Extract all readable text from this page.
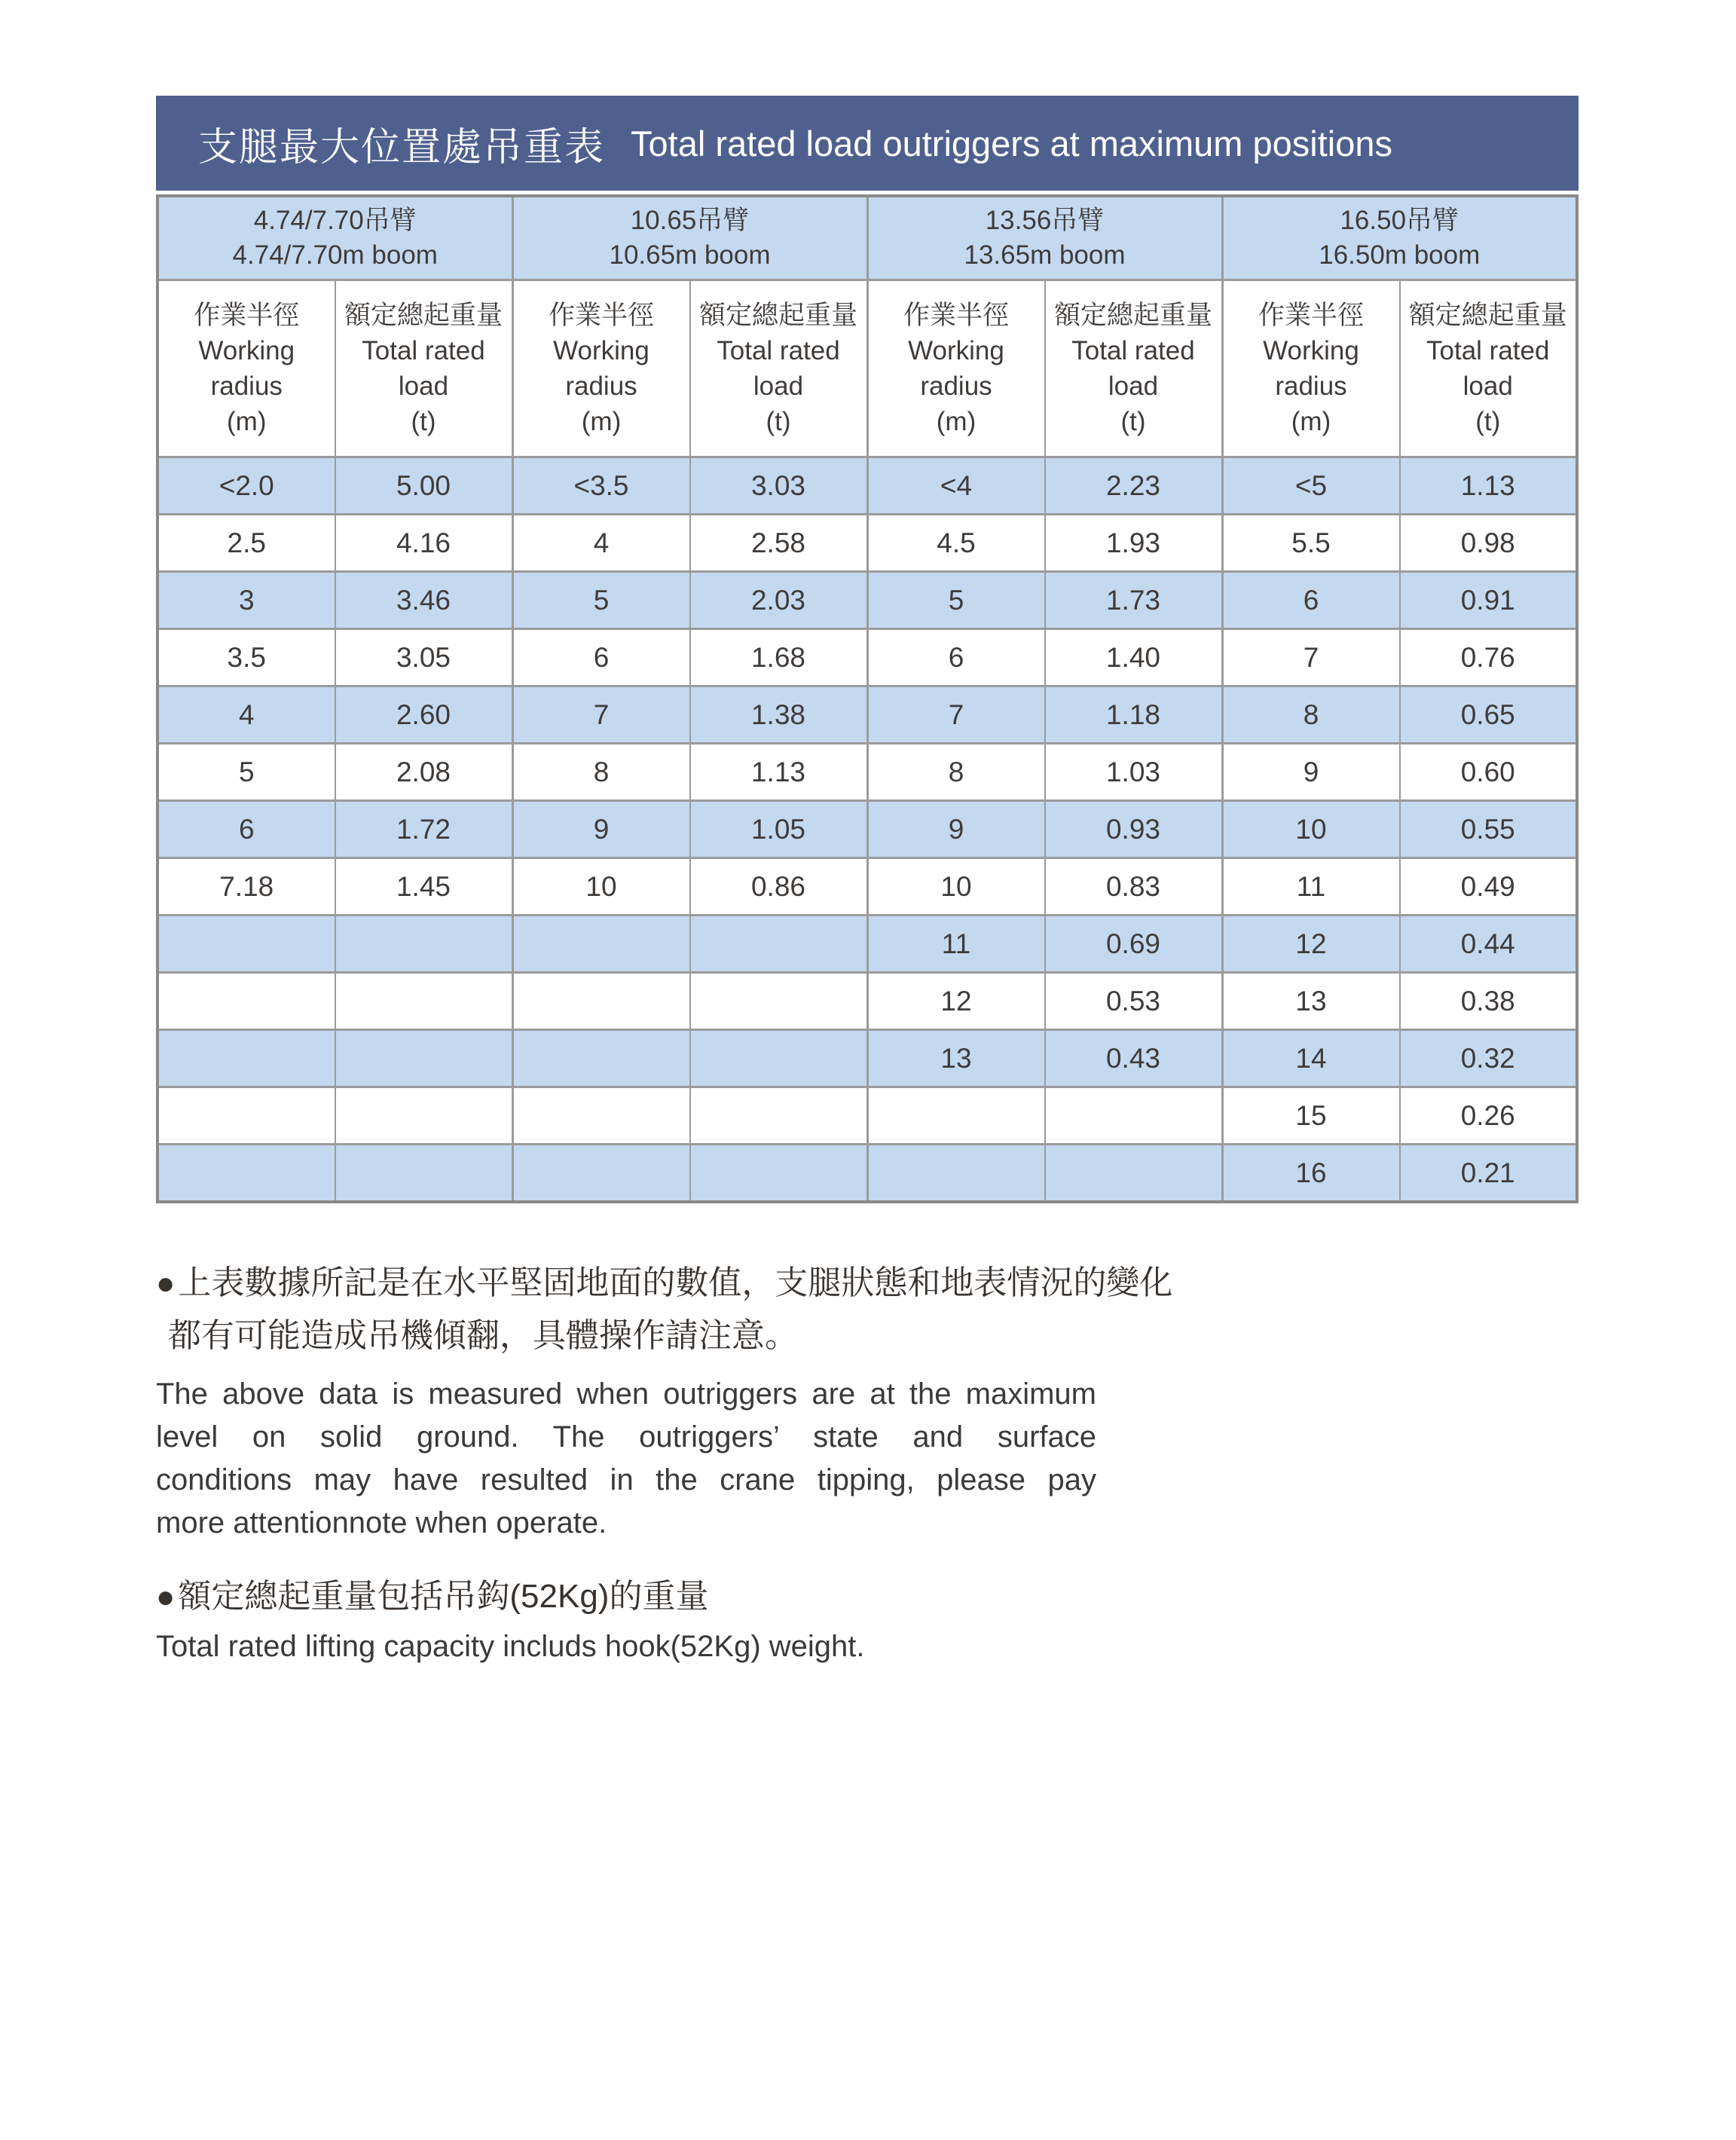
支腿最大位置處吊重表 Total rated load outriggers at maximum positions
4.74/7.70吊臂
4.74/7.70m boom

10.65吊臂
10.65m boom

13.56吊臂
13.65m boom

16.50吊臂
16.50m boom

作業半徑
Working
radius
(m)

額定總起重量
Total rated
load
(t)

作業半徑
Working
radius
(m)

額定總起重量
Total rated
load
(t)

作業半徑
Working
radius
(m)

額定總起重量
Total rated
load
(t)

作業半徑
Working
radius
(m)

額定總起重量
Total rated
load
(t)

<2.0	5.00	<3.5	3.03	<4	2.23	<5	1.13
2.5	4.16	4	2.58	4.5	1.93	5.5	0.98
3	3.46	5	2.03	5	1.73	6	0.91
3.5	3.05	6	1.68	6	1.40	7	0.76
4	2.60	7	1.38	7	1.18	8	0.65
5	2.08	8	1.13	8	1.03	9	0.60
6	1.72	9	1.05	9	0.93	10	0.55
7.18	1.45	10	0.86	10	0.83	11	0.49
				11	0.69	12	0.44
				12	0.53	13	0.38
				13	0.43	14	0.32
						15	0.26
						16	0.21

●上表數據所記是在水平堅固地面的數值，支腿狀態和地表情況的變化

都有可能造成吊機傾翻，具體操作請注意。

The above data is measured when outriggers are at the maximum
level on solid ground. The outriggers’ state and surface
conditions may have resulted in the crane tipping, please pay
more attentionnote when operate.

●額定總起重量包括吊鈎(52Kg)的重量

Total rated lifting capacity includs hook(52Kg) weight.
